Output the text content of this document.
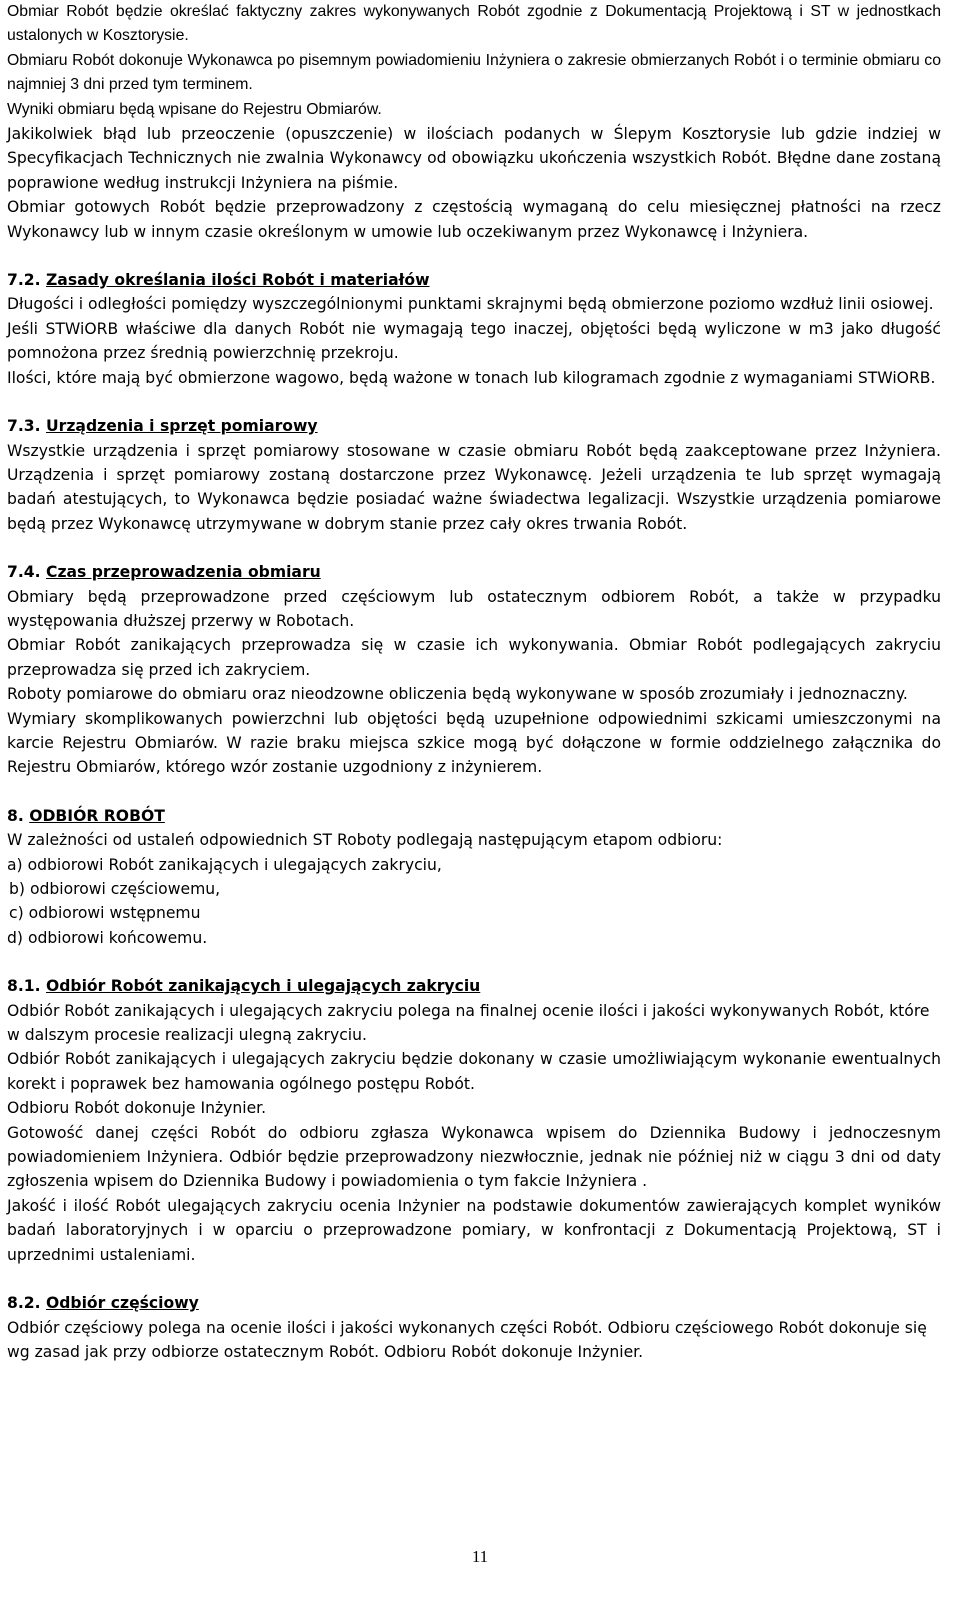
Obmiar Robót będzie określać faktyczny zakres wykonywanych Robót zgodnie z Dokumentacją Projektową i ST w jednostkach ustalonych w Kosztorysie.

Obmiaru Robót dokonuje Wykonawca po pisemnym powiadomieniu Inżyniera o zakresie obmierzanych Robót i o terminie obmiaru co najmniej 3 dni przed tym terminem.

Wyniki obmiaru będą wpisane do Rejestru Obmiarów.

Jakikolwiek błąd lub przeoczenie (opuszczenie) w ilościach podanych w Ślepym Kosztorysie lub gdzie indziej w Specyfikacjach Technicznych nie zwalnia Wykonawcy od obowiązku ukończenia wszystkich Robót. Błędne dane zostaną poprawione według instrukcji Inżyniera na piśmie.

Obmiar gotowych Robót będzie przeprowadzony z częstością wymaganą do celu miesięcznej płatności na rzecz Wykonawcy lub w innym czasie określonym w umowie lub oczekiwanym przez Wykonawcę i Inżyniera.

7.2. Zasady określania ilości Robót i materiałów

Długości i odległości pomiędzy wyszczególnionymi punktami skrajnymi będą obmierzone poziomo wzdłuż linii osiowej.

Jeśli STWiORB właściwe dla danych Robót nie wymagają tego inaczej, objętości będą wyliczone w m3 jako długość pomnożona przez średnią powierzchnię przekroju.

Ilości, które mają być obmierzone wagowo, będą ważone w tonach lub kilogramach zgodnie z wymaganiami STWiORB.

7.3. Urządzenia i sprzęt pomiarowy

Wszystkie urządzenia i sprzęt pomiarowy stosowane w czasie obmiaru Robót będą zaakceptowane przez Inżyniera. Urządzenia i sprzęt pomiarowy zostaną dostarczone przez Wykonawcę. Jeżeli urządzenia te lub sprzęt wymagają badań atestujących, to Wykonawca będzie posiadać ważne świadectwa legalizacji. Wszystkie urządzenia pomiarowe będą przez Wykonawcę utrzymywane w dobrym stanie przez cały okres trwania Robót.

7.4. Czas przeprowadzenia obmiaru

Obmiary będą przeprowadzone przed częściowym lub ostatecznym odbiorem Robót, a także w przypadku występowania dłuższej przerwy w Robotach.

Obmiar Robót zanikających przeprowadza się w czasie ich wykonywania. Obmiar Robót podlegających zakryciu przeprowadza się przed ich zakryciem.

Roboty pomiarowe do obmiaru oraz nieodzowne obliczenia będą wykonywane w sposób zrozumiały i jednoznaczny.

Wymiary skomplikowanych powierzchni lub objętości będą uzupełnione odpowiednimi szkicami umieszczonymi na karcie Rejestru Obmiarów. W razie braku miejsca szkice mogą być dołączone w formie oddzielnego załącznika do Rejestru Obmiarów, którego wzór zostanie uzgodniony z inżynierem.

8. ODBIÓR ROBÓT

W zależności od ustaleń odpowiednich ST Roboty podlegają następującym etapom odbioru:

a) odbiorowi Robót zanikających i ulegających zakryciu,
b) odbiorowi częściowemu,
c) odbiorowi wstępnemu
d) odbiorowi końcowemu.
8.1. Odbiór Robót zanikających i ulegających zakryciu

Odbiór Robót zanikających i ulegających zakryciu polega na finalnej ocenie ilości i jakości wykonywanych Robót, które w dalszym procesie realizacji ulegną zakryciu.

Odbiór Robót zanikających i ulegających zakryciu będzie dokonany w czasie umożliwiającym wykonanie ewentualnych korekt i poprawek bez hamowania ogólnego postępu Robót.

Odbioru Robót dokonuje Inżynier.

Gotowość danej części Robót do odbioru zgłasza Wykonawca wpisem do Dziennika Budowy i jednoczesnym powiadomieniem Inżyniera. Odbiór będzie przeprowadzony niezwłocznie, jednak nie później niż w ciągu 3 dni od daty zgłoszenia wpisem do Dziennika Budowy i powiadomienia o tym fakcie Inżyniera .

Jakość i ilość Robót ulegających zakryciu ocenia Inżynier na podstawie dokumentów zawierających komplet wyników badań laboratoryjnych i w oparciu o przeprowadzone pomiary, w konfrontacji z Dokumentacją Projektową, ST i uprzednimi ustaleniami.

8.2. Odbiór częściowy

Odbiór częściowy polega na ocenie ilości i jakości wykonanych części Robót. Odbioru częściowego Robót dokonuje się wg zasad jak przy odbiorze ostatecznym Robót. Odbioru Robót dokonuje Inżynier.

11
